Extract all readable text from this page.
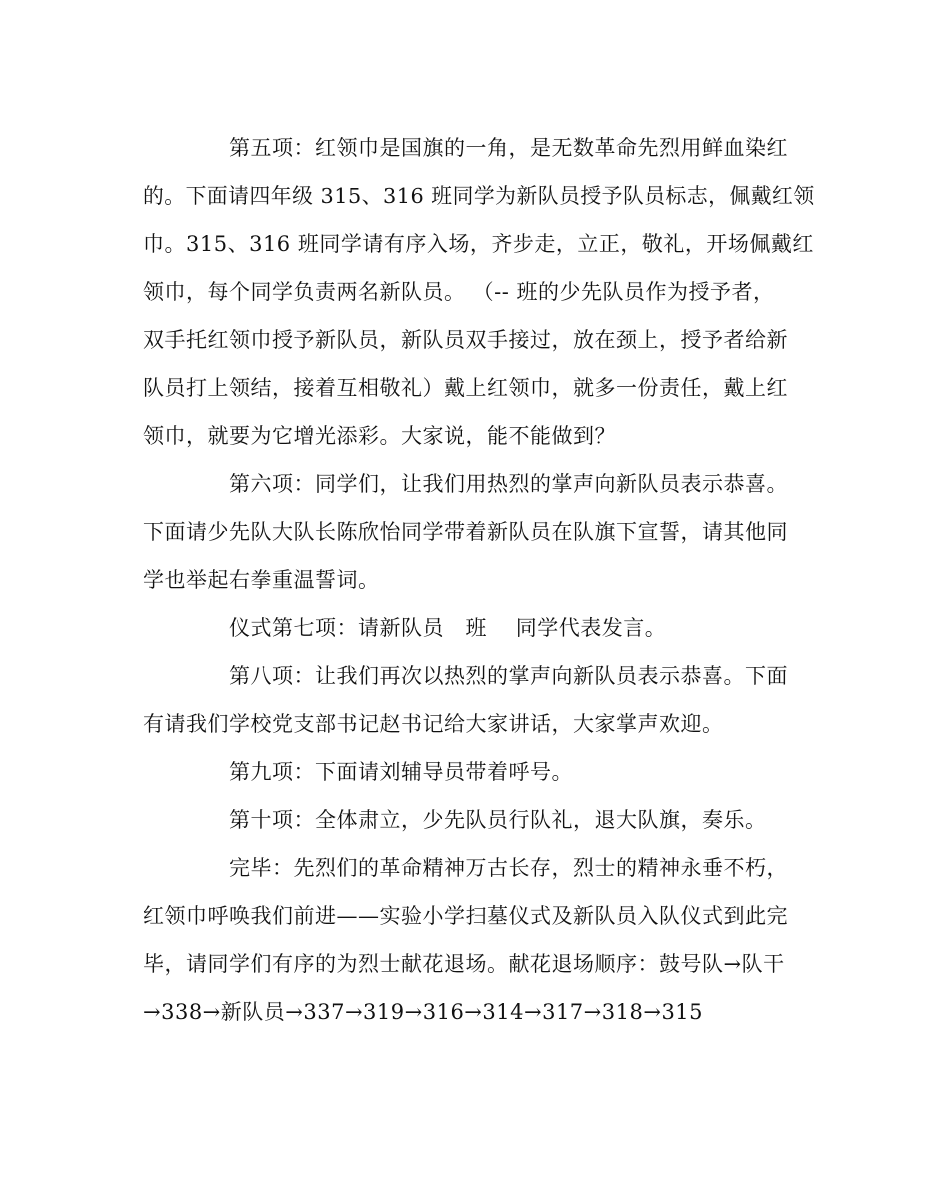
第五项：红领巾是国旗的一角，是无数革命先烈用鲜血染红

的。下面请四年级 315、316 班同学为新队员授予队员标志，佩戴红领

巾。315、316 班同学请有序入场，齐步走，立正，敬礼，开场佩戴红

领巾，每个同学负责两名新队员。 （-- 班的少先队员作为授予者，

双手托红领巾授予新队员，新队员双手接过，放在颈上，授予者给新

队员打上领结，接着互相敬礼）戴上红领巾，就多一份责任，戴上红

领巾，就要为它增光添彩。大家说，能不能做到？

第六项：同学们，让我们用热烈的掌声向新队员表示恭喜。

下面请少先队大队长陈欣怡同学带着新队员在队旗下宣誓，请其他同

学也举起右拳重温誓词。

仪式第七项：请新队员   班    同学代表发言。

第八项：让我们再次以热烈的掌声向新队员表示恭喜。下面

有请我们学校党支部书记赵书记给大家讲话，大家掌声欢迎。

第九项：下面请刘辅导员带着呼号。

第十项：全体肃立，少先队员行队礼，退大队旗，奏乐。

完毕：先烈们的革命精神万古长存，烈士的精神永垂不朽，

红领巾呼唤我们前进——实验小学扫墓仪式及新队员入队仪式到此完

毕，请同学们有序的为烈士献花退场。献花退场顺序：鼓号队→队干

→338→新队员→337→319→316→314→317→318→315
